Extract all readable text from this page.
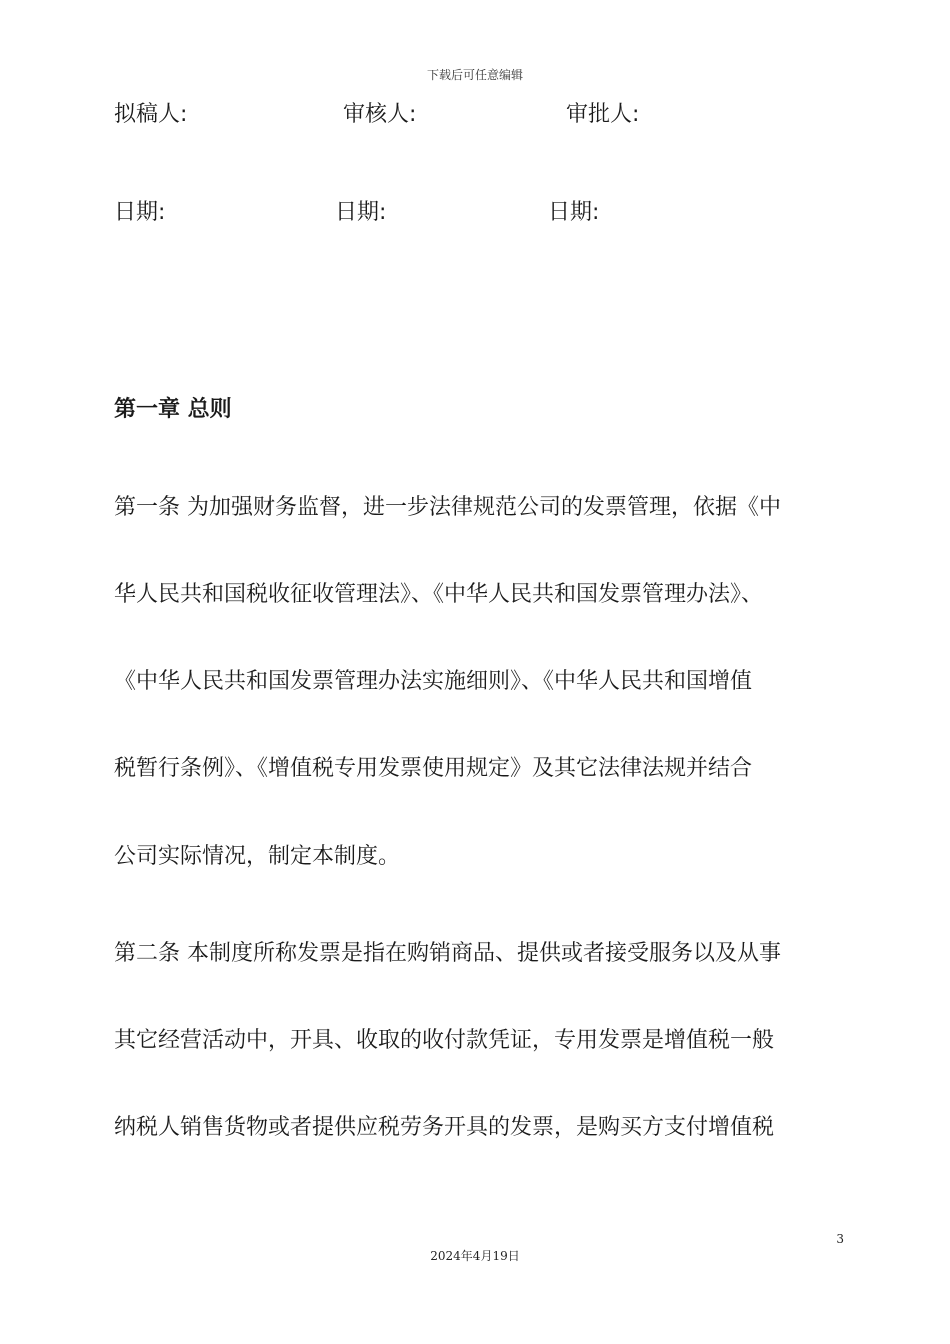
下载后可任意编辑
拟稿人:	审核人:	审批人:
日期:	日期:	日期:
第一章 总则
第一条 为加强财务监督，进一步法律规范公司的发票管理，依据《中
华人民共和国税收征收管理法》、《中华人民共和国发票管理办法》、
《中华人民共和国发票管理办法实施细则》、《中华人民共和国增值
税暂行条例》、《增值税专用发票使用规定》及其它法律法规并结合
公司实际情况，制定本制度。
第二条 本制度所称发票是指在购销商品、提供或者接受服务以及从事
其它经营活动中，开具、收取的收付款凭证，专用发票是增值税一般
纳税人销售货物或者提供应税劳务开具的发票，是购买方支付增值税
3
2024年4月19日
